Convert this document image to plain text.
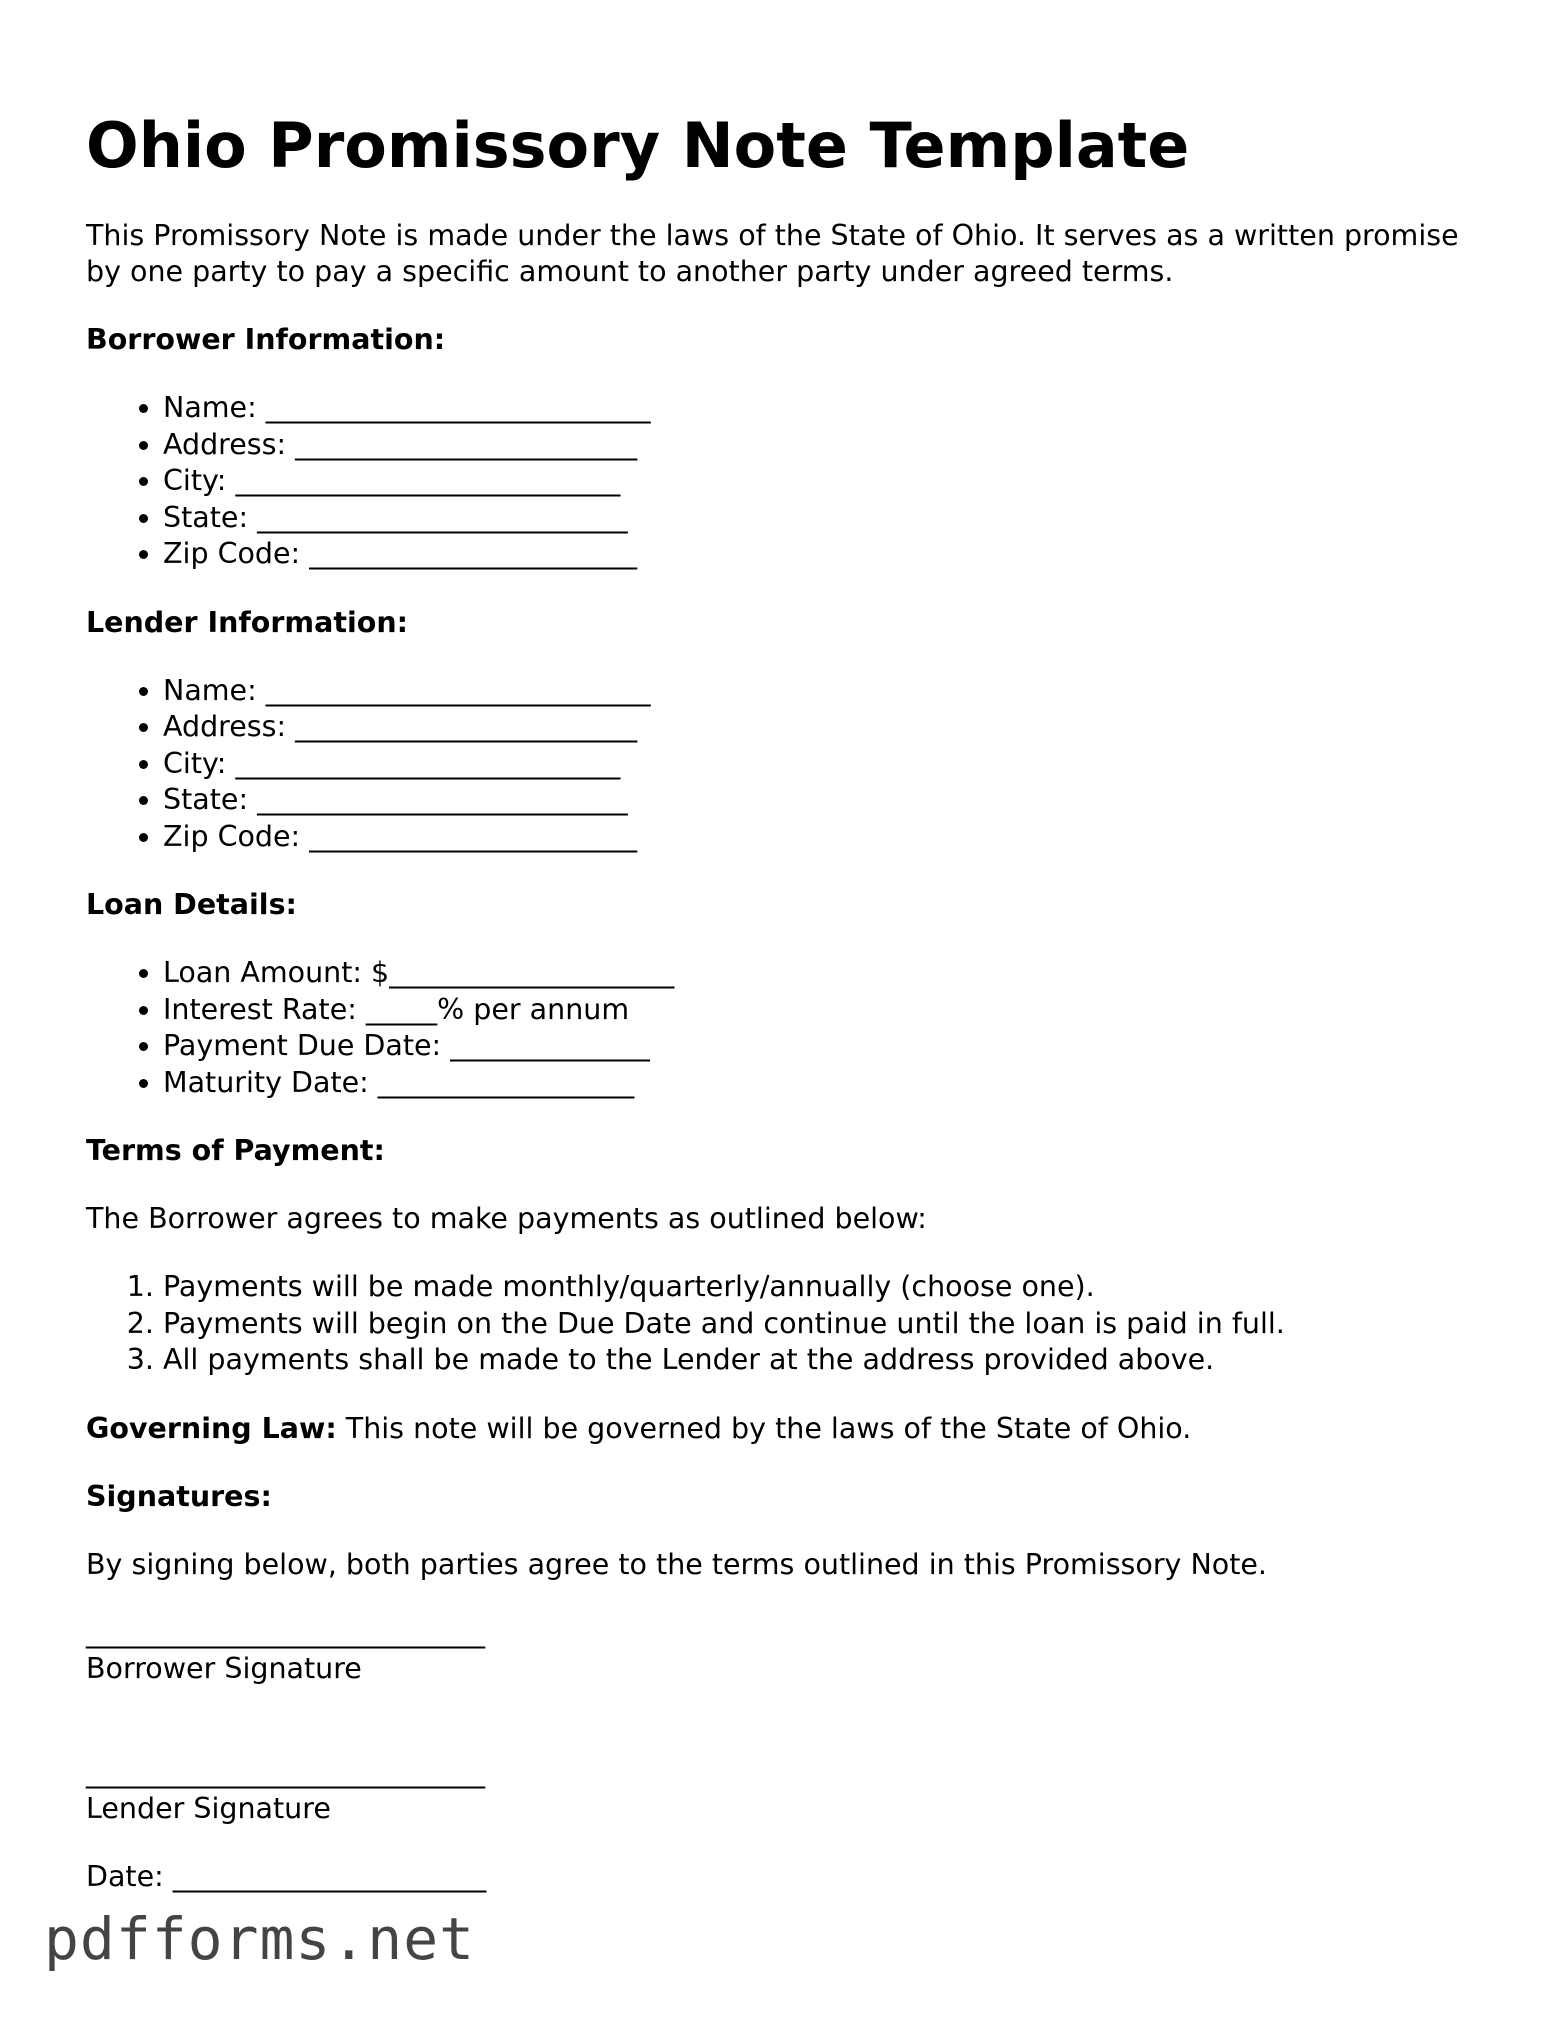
Ohio Promissory Note Template

This Promissory Note is made under the laws of the State of Ohio. It serves as a written promise by one party to pay a specific amount to another party under agreed terms.

Borrower Information:

• Name: ___________________________
• Address: ________________________
• City: ___________________________
• State: __________________________
• Zip Code: _______________________

Lender Information:

• Name: ___________________________
• Address: ________________________
• City: ___________________________
• State: __________________________
• Zip Code: _______________________

Loan Details:

• Loan Amount: $____________________
• Interest Rate: _____% per annum
• Payment Due Date: ______________
• Maturity Date: __________________

Terms of Payment:

The Borrower agrees to make payments as outlined below:

1. Payments will be made monthly/quarterly/annually (choose one).
2. Payments will begin on the Due Date and continue until the loan is paid in full.
3. All payments shall be made to the Lender at the address provided above.

Governing Law: This note will be governed by the laws of the State of Ohio.

Signatures:

By signing below, both parties agree to the terms outlined in this Promissory Note.

____________________________

Borrower Signature

____________________________

Lender Signature

Date: ______________________

pdfforms.net
